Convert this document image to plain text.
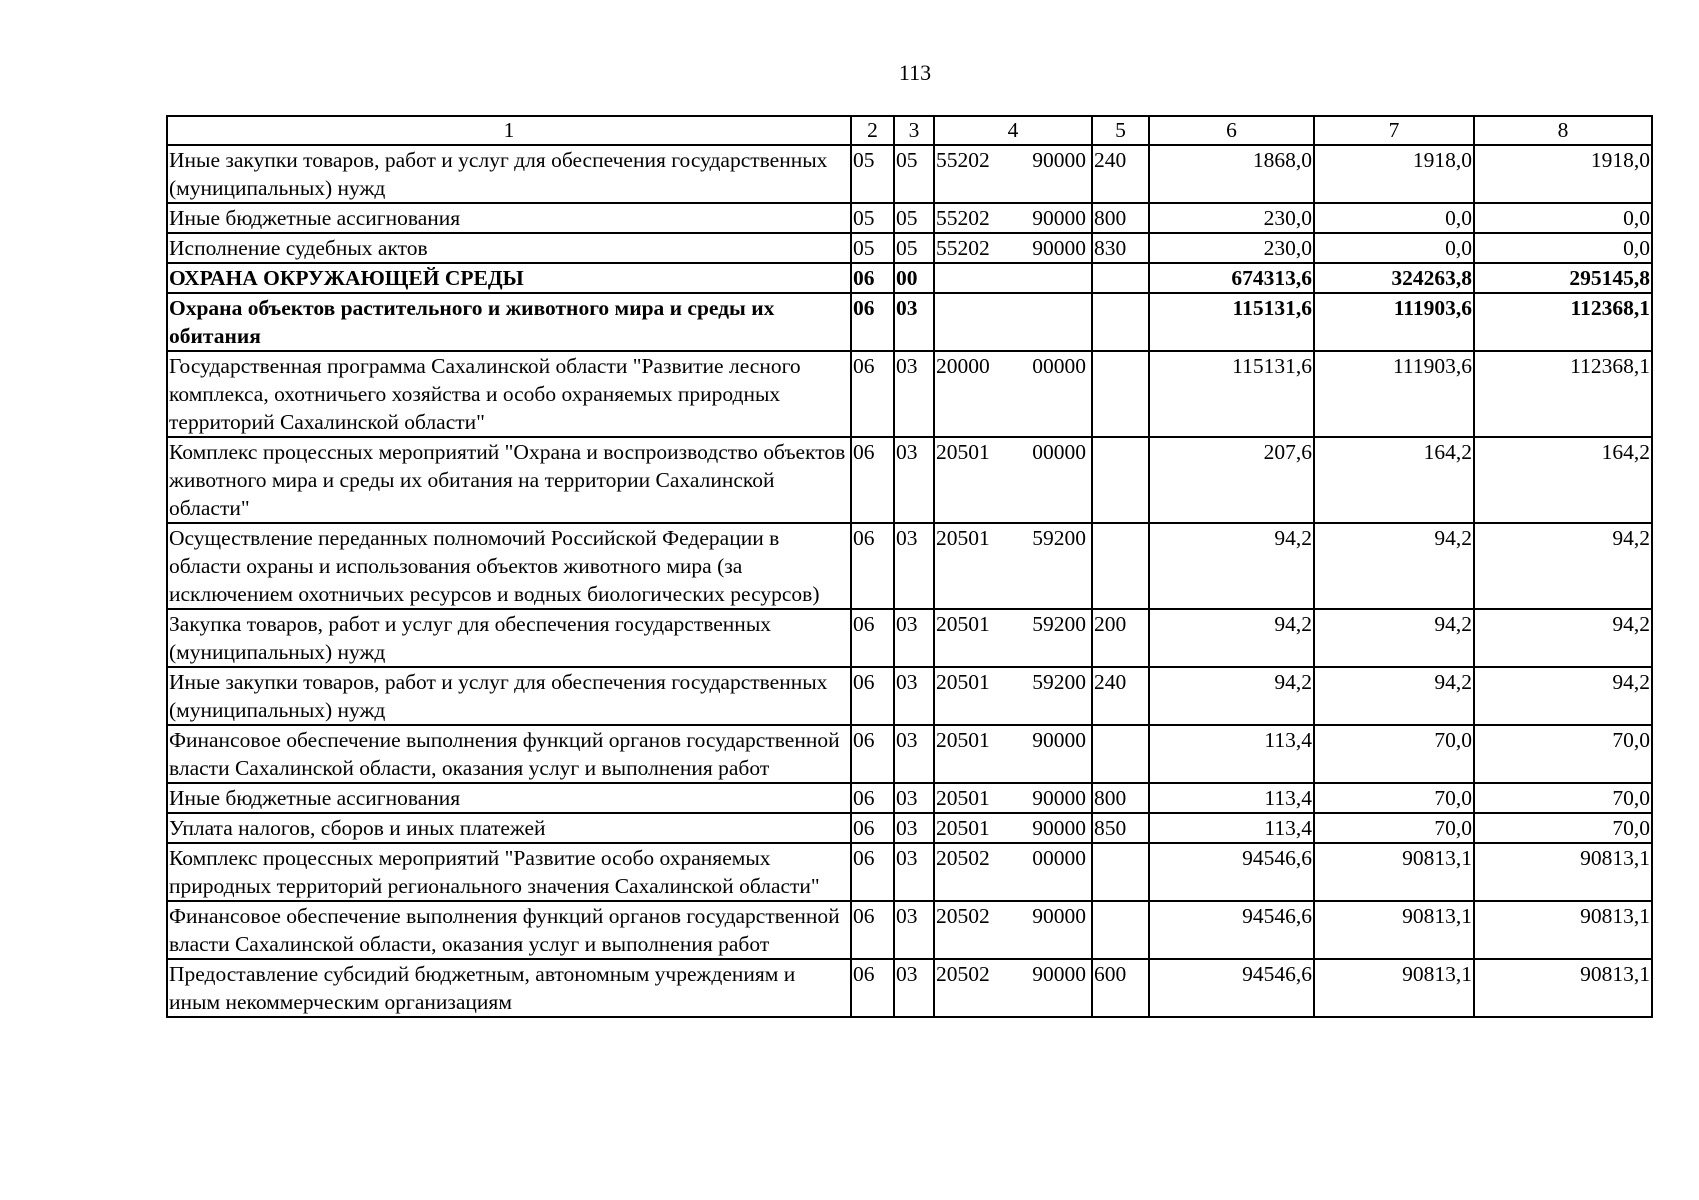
113
1	2	3	4	5	6	7	8
Иные закупки товаров, работ и услуг для обеспечения государственных (муниципальных) нужд	05	05	55202 90000	240	1868,0	1918,0	1918,0
Иные бюджетные ассигнования	05	05	55202 90000	800	230,0	0,0	0,0
Исполнение судебных актов	05	05	55202 90000	830	230,0	0,0	0,0
ОХРАНА ОКРУЖАЮЩЕЙ СРЕДЫ	06	00			674313,6	324263,8	295145,8
Охрана объектов растительного и животного мира и среды их обитания	06	03			115131,6	111903,6	112368,1
Государственная программа Сахалинской области "Развитие лесного комплекса, охотничьего хозяйства и особо охраняемых природных территорий Сахалинской области"	06	03	20000 00000		115131,6	111903,6	112368,1
Комплекс процессных мероприятий "Охрана и воспроизводство объектов животного мира и среды их обитания на территории Сахалинской области"	06	03	20501 00000		207,6	164,2	164,2
Осуществление переданных полномочий Российской Федерации в области охраны и использования объектов животного мира (за исключением охотничьих ресурсов и водных биологических ресурсов)	06	03	20501 59200		94,2	94,2	94,2
Закупка товаров, работ и услуг для обеспечения государственных (муниципальных) нужд	06	03	20501 59200	200	94,2	94,2	94,2
Иные закупки товаров, работ и услуг для обеспечения государственных (муниципальных) нужд	06	03	20501 59200	240	94,2	94,2	94,2
Финансовое обеспечение выполнения функций органов государственной власти Сахалинской области, оказания услуг и выполнения работ	06	03	20501 90000		113,4	70,0	70,0
Иные бюджетные ассигнования	06	03	20501 90000	800	113,4	70,0	70,0
Уплата налогов, сборов и иных платежей	06	03	20501 90000	850	113,4	70,0	70,0
Комплекс процессных мероприятий "Развитие особо охраняемых природных территорий регионального значения Сахалинской области"	06	03	20502 00000		94546,6	90813,1	90813,1
Финансовое обеспечение выполнения функций органов государственной власти Сахалинской области, оказания услуг и выполнения работ	06	03	20502 90000		94546,6	90813,1	90813,1
Предоставление субсидий бюджетным, автономным учреждениям и иным некоммерческим организациям	06	03	20502 90000	600	94546,6	90813,1	90813,1
